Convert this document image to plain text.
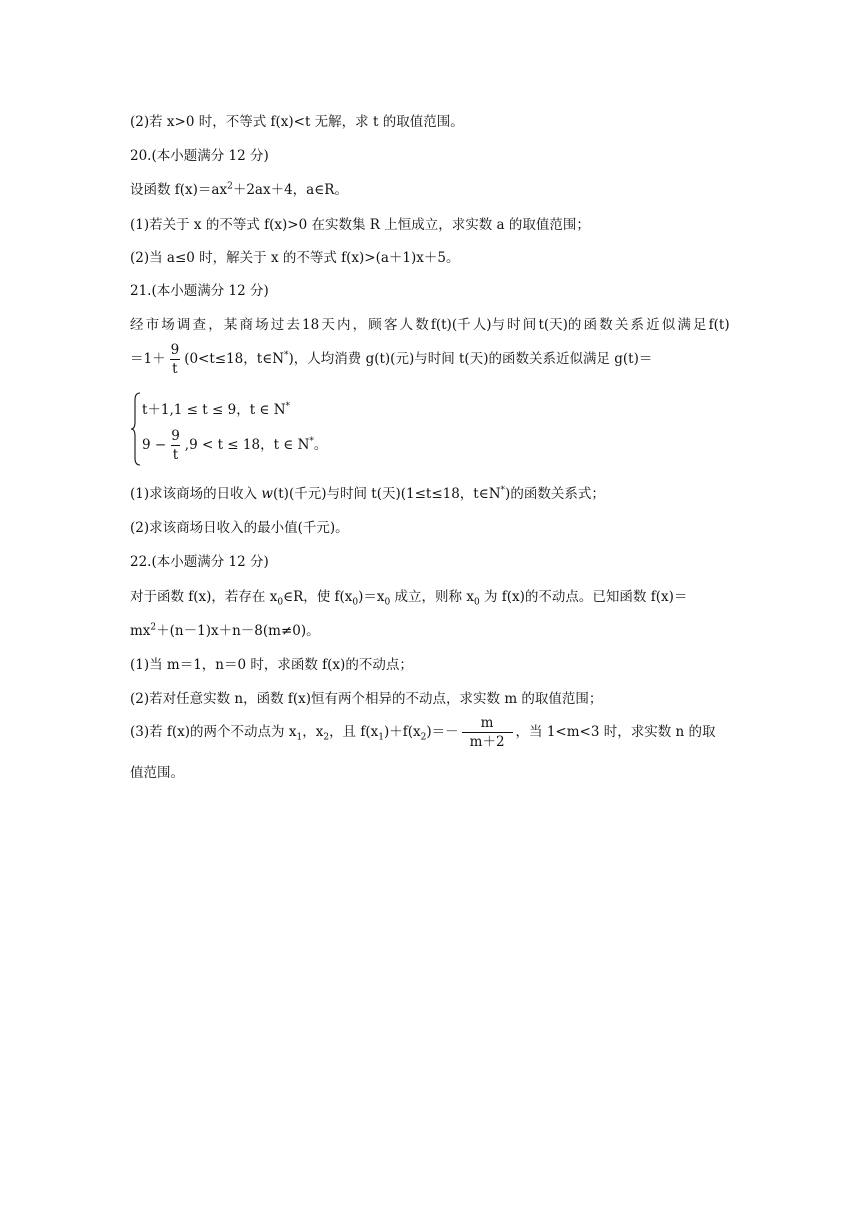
(2)若 x>0 时，不等式 f(x)<t 无解，求 t 的取值范围。
20.(本小题满分 12 分)
设函数 $f(x)=ax^2+2ax+4$，a∈R。
(1)若关于 x 的不等式 f(x)>0 在实数集 R 上恒成立，求实数 a 的取值范围；
(2)当 a≤0 时，解关于 x 的不等式 f(x)>(a＋1)x＋5。
21.(本小题满分 12 分)
经 市 场 调 查 ， 某 商 场 过 去 18 天 内 ， 顾 客 人 数 f(t)(千 人)与 时 间 t(天)的 函 数 关 系 近 似 满 足 f(t)
$=1+ \frac{9}{t} (0<t\le 18$，t∈N*)，人均消费 g(t)(元)与时间 t(天)的函数关系近似满足 g(t)＝
t＋1,1 ≤ t ≤ 9，t ∈ N*
$9 - \frac{9}{t} ,9 < t \le 18$，t ∈ N*。
(1)求该商场的日收入 w(t)(千元)与时间 t(天)(1≤t≤18，t∈N*)的函数关系式；
(2)求该商场日收入的最小值(千元)。
22.(本小题满分 12 分)
对于函数 f(x)，若存在 $x_0\in R$，使 $f(x_0)=x_0$ 成立，则称 $x_0$ 为 f(x)的不动点。已知函数 f(x)＝
$mx^2+(n-1)x+n-8(m\ne 0)$。
(1)当 m＝1，n＝0 时，求函数 f(x)的不动点；
(2)若对任意实数 n，函数 f(x)恒有两个相异的不动点，求实数 m 的取值范围；
(3)若 f(x)的两个不动点为 $x_1$，$x_2$，且 $f(x_1)+f(x_2)=- \frac{m}{m+2}$ ，当 1<m<3 时，求实数 n 的取
值范围。
